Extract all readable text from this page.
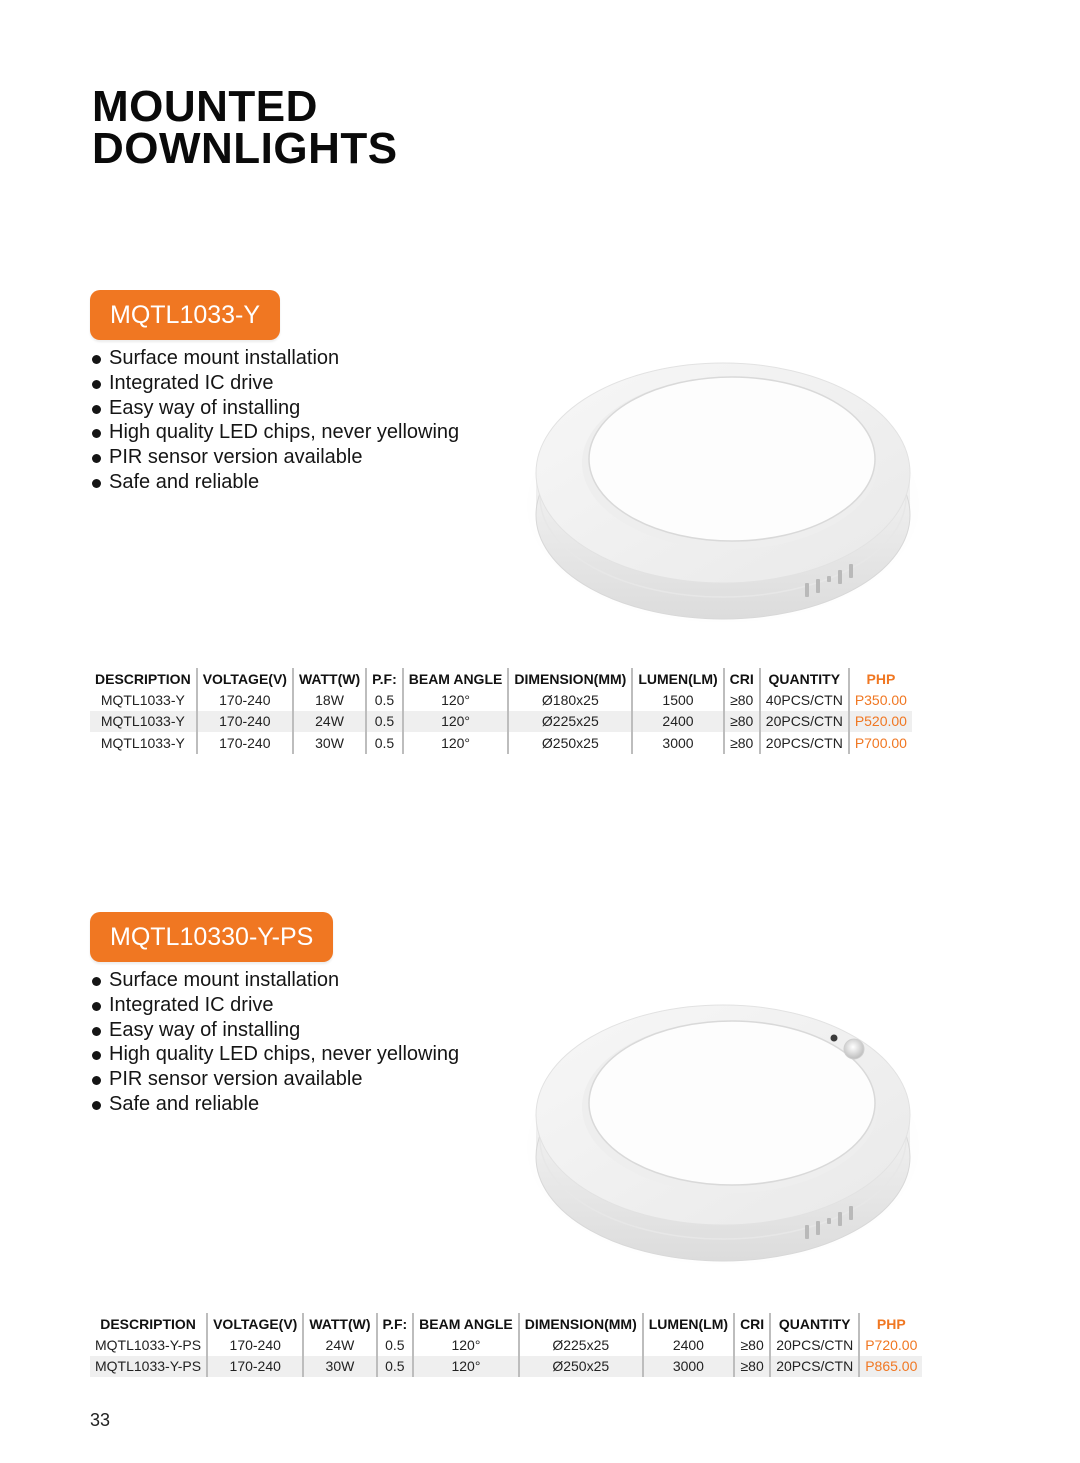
MOUNTED
DOWNLIGHTS
MQTL1033-Y
Surface mount installation
Integrated IC drive
Easy way of installing
High quality LED chips, never yellowing
PIR sensor version available
Safe and reliable
DESCRIPTION	VOLTAGE(V)	WATT(W)	P.F:	BEAM ANGLE	DIMENSION(MM)	LUMEN(LM)	CRI	QUANTITY	PHP
MQTL1033-Y	170-240	18W	0.5	120°	Ø180x25	1500	≥80	40PCS/CTN	P350.00
MQTL1033-Y	170-240	24W	0.5	120°	Ø225x25	2400	≥80	20PCS/CTN	P520.00
MQTL1033-Y	170-240	30W	0.5	120°	Ø250x25	3000	≥80	20PCS/CTN	P700.00
MQTL10330-Y-PS
Surface mount installation
Integrated IC drive
Easy way of installing
High quality LED chips, never yellowing
PIR sensor version available
Safe and reliable
DESCRIPTION	VOLTAGE(V)	WATT(W)	P.F:	BEAM ANGLE	DIMENSION(MM)	LUMEN(LM)	CRI	QUANTITY	PHP
MQTL1033-Y-PS	170-240	24W	0.5	120°	Ø225x25	2400	≥80	20PCS/CTN	P720.00
MQTL1033-Y-PS	170-240	30W	0.5	120°	Ø250x25	3000	≥80	20PCS/CTN	P865.00
33
